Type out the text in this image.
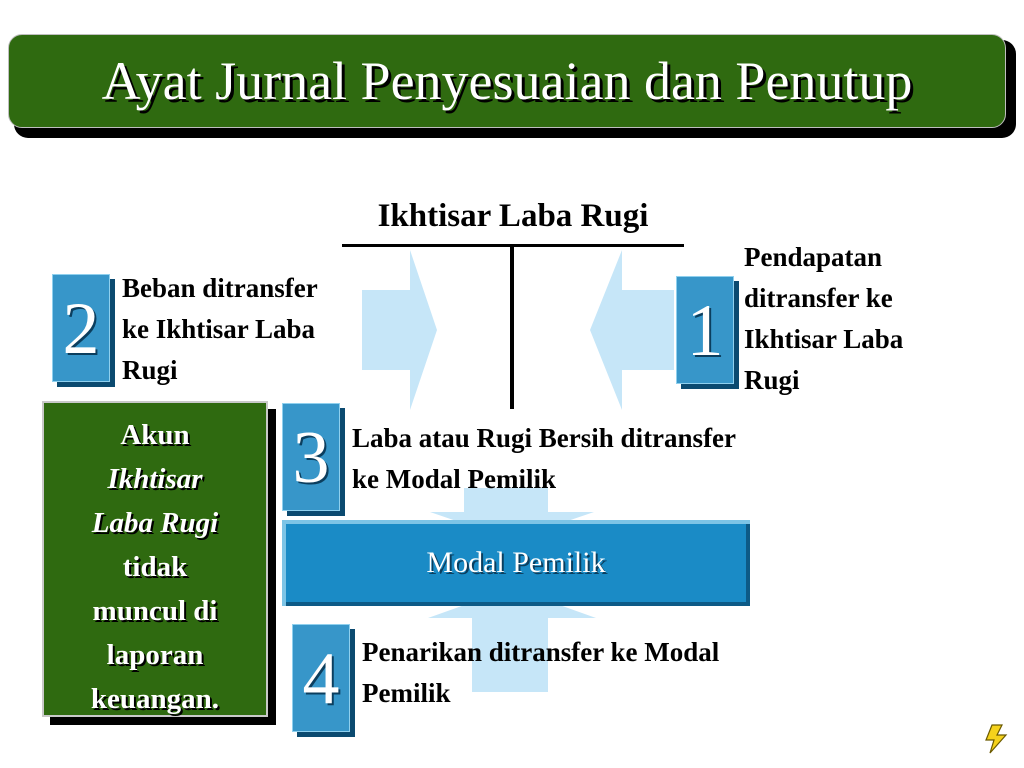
Ayat Jurnal Penyesuaian dan Penutup
Ikhtisar Laba Rugi
2 Beban ditransfer
ke Ikhtisar Laba
Rugi	1
Pendapatan
ditransfer ke
Ikhtisar Laba
Rugi
Akun
Ikhtisar
Laba Rugi
tidak
muncul di
laporan
keuangan.
3 Laba atau Rugi Bersih ditransfer
ke Modal Pemilik
Modal Pemilik
4 Penarikan ditransfer ke Modal
Pemilik
